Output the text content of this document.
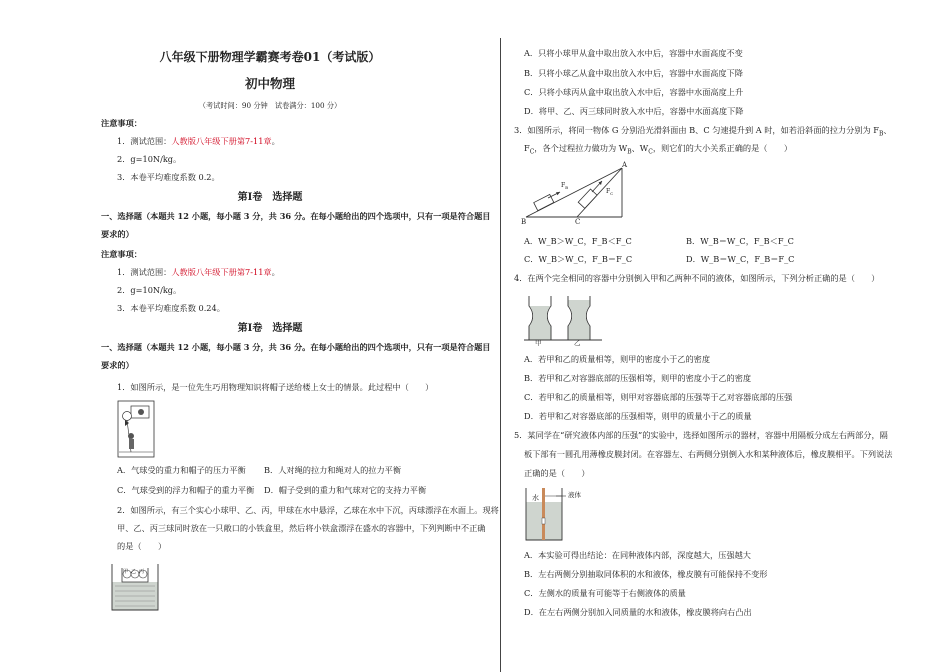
八年级下册物理学霸赛考卷01（考试版）
初中物理
（考试时间：90 分钟　试卷满分：100 分）
注意事项：
1．测试范围：人教版八年级下册第7-11章。
2．g=10N/kg。
3．本卷平均难度系数 0.2。
第Ⅰ卷　选择题
一、选择题（本题共 12 小题，每小题 3 分，共 36 分。在每小题给出的四个选项中，只有一项是符合题目
要求的）
注意事项：
1．测试范围：人教版八年级下册第7-11章。
2．g=10N/kg。
3．本卷平均难度系数 0.24。
第Ⅰ卷　选择题
一、选择题（本题共 12 小题，每小题 3 分，共 36 分。在每小题给出的四个选项中，只有一项是符合题目
要求的）
1．如图所示，是一位先生巧用物理知识将帽子送给楼上女士的情景。此过程中（　　）
A．气球受的重力和帽子的压力平衡 B．人对绳的拉力和绳对人的拉力平衡
C．气球受到的浮力和帽子的重力平衡 D．帽子受到的重力和气球对它的支持力平衡
2．如图所示，有三个实心小球甲、乙、丙，甲球在水中悬浮，乙球在水中下沉，丙球漂浮在水面上。现将
甲、乙、丙三球同时放在一只敞口的小铁盒里，然后将小铁盒漂浮在盛水的容器中，下列判断中不正确
的是（　　）
甲 乙 丙
A．只将小球甲从盒中取出放入水中后，容器中水面高度不变
B．只将小球乙从盒中取出放入水中后，容器中水面高度下降
C．只将小球丙从盒中取出放入水中后，容器中水面高度上升
D．将甲、乙、丙三球同时放入水中后，容器中水面高度下降
3．如图所示，将同一物体 G 分别沿光滑斜面由 B、C 匀速提升到 A 时，如若沿斜面的拉力分别为 $F_B$、
$F_C$，各个过程拉力做功为 $W_B$、$W_C$，则它们的大小关系正确的是（　　）
A
B	C
$F_B$
$F_C$
A．W_B＞W_C，F_B＜F_C	B．W_B＝W_C，F_B＜F_C
C．W_B＞W_C，F_B＝F_C	D．W_B＝W_C，F_B＝F_C
4．在两个完全相同的容器中分别倒入甲和乙两种不同的液体，如图所示，下列分析正确的是（　　）
甲	乙
A．若甲和乙的质量相等，则甲的密度小于乙的密度
B．若甲和乙对容器底部的压强相等，则甲的密度小于乙的密度
C．若甲和乙的质量相等，则甲对容器底部的压强等于乙对容器底部的压强
D．若甲和乙对容器底部的压强相等，则甲的质量小于乙的质量
5．某同学在“研究液体内部的压强”的实验中，选择如图所示的器材，容器中用隔板分成左右两部分，隔
板下部有一圆孔用薄橡皮膜封闭。在容器左、右两侧分别倒入水和某种液体后，橡皮膜相平。下列说法
正确的是（　　）
水	液体
A．本实验可得出结论：在同种液体内部，深度越大，压强越大
B．左右两侧分别抽取同体积的水和液体，橡皮膜有可能保持不变形
C．左侧水的质量有可能等于右侧液体的质量
D．在左右两侧分别加入同质量的水和液体，橡皮膜将向右凸出
